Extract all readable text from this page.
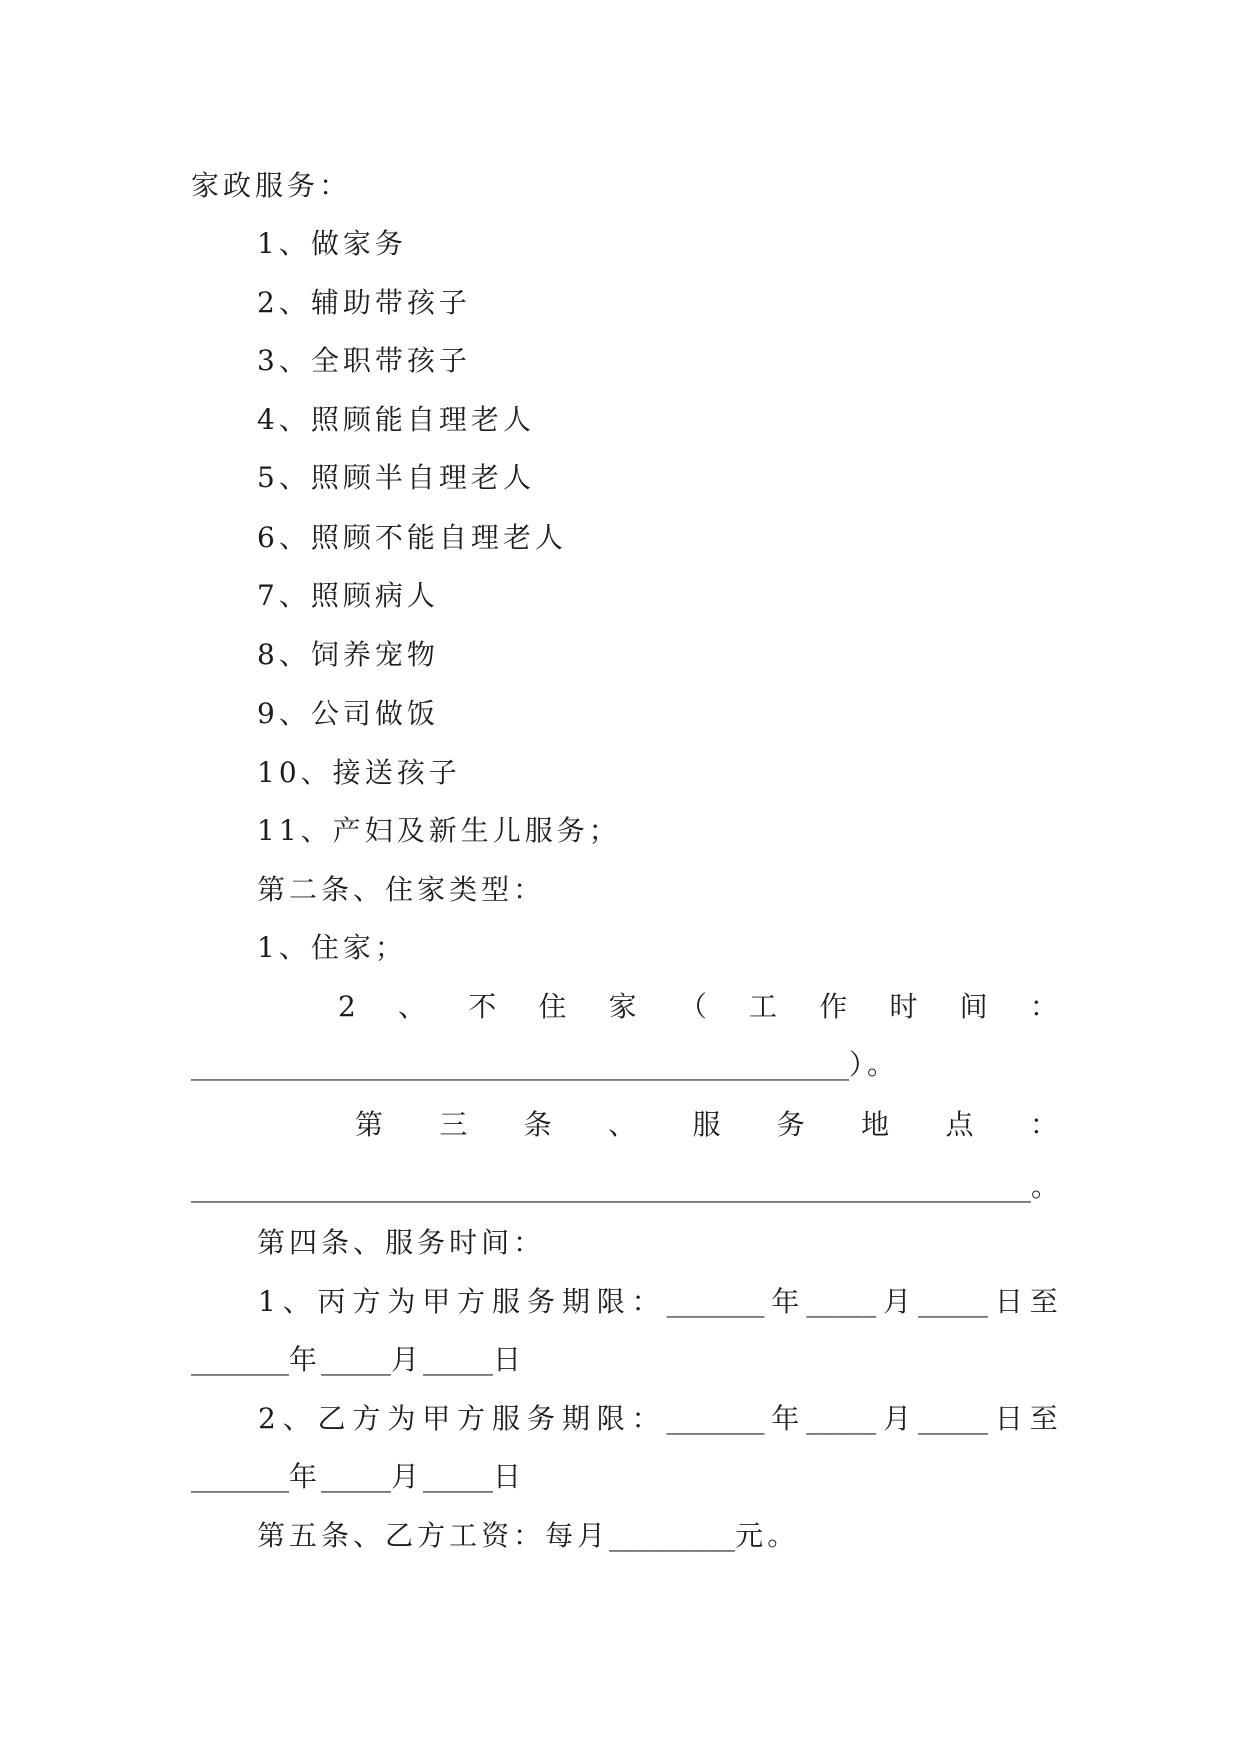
家政服务：
1、做家务
2、辅助带孩子
3、全职带孩子
4、照顾能自理老人
5、照顾半自理老人
6、照顾不能自理老人
7、照顾病人
8、饲养宠物
9、公司做饭
10、接送孩子
11、产妇及新生儿服务；
第二条、住家类型：
1、住家；
2 、 不 住 家 （ 工 作 时 间 ：
_______________________________________________）。
第 三 条 、 服 务 地 点 ：
____________________________________________________________。
第四条、服务时间：
1 、 丙 方 为 甲 方 服 务 期 限 ： _______ 年 _____ 月 _____ 日 至
_______年_____月_____日
2 、 乙 方 为 甲 方 服 务 期 限 ： _______ 年 _____ 月 _____ 日 至
_______年_____月_____日
第五条、乙方工资：每月_________元。
